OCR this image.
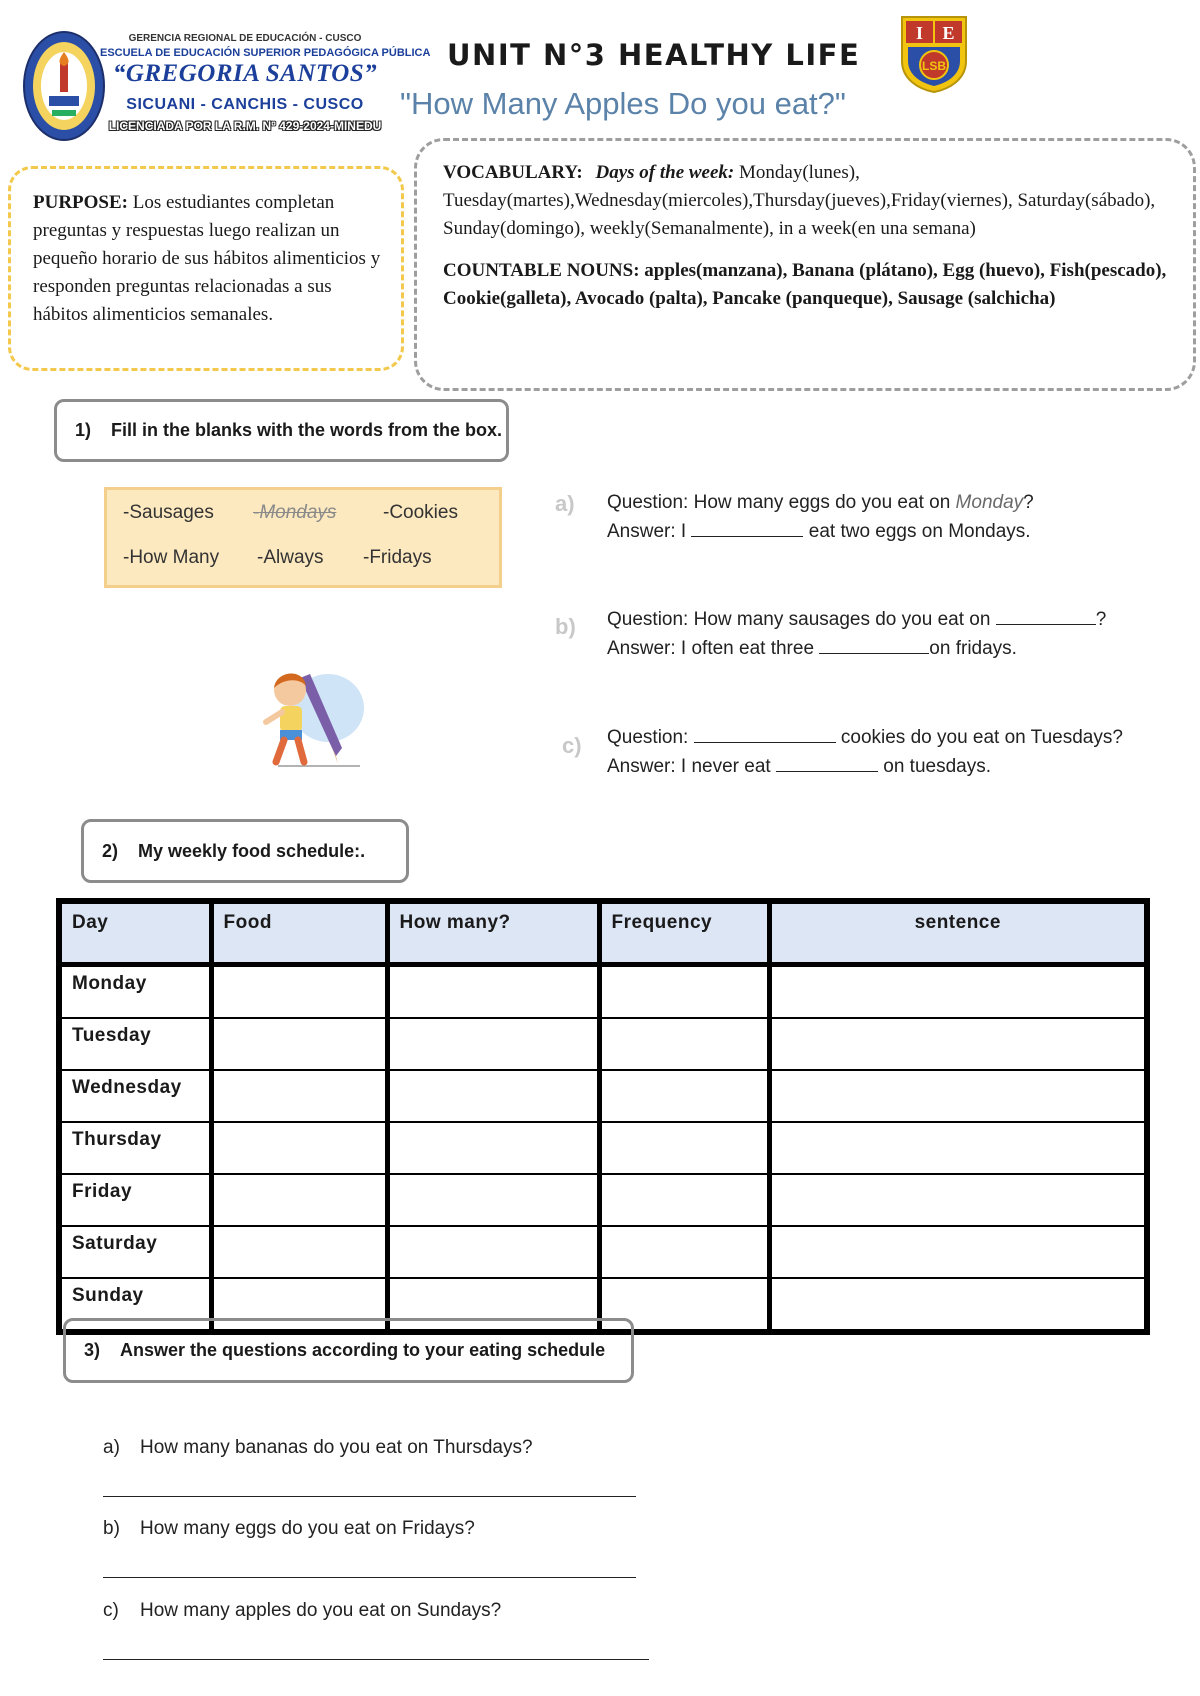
GERENCIA REGIONAL DE EDUCACIÓN - CUSCO
ESCUELA DE EDUCACIÓN SUPERIOR PEDAGÓGICA PÚBLICA
“GREGORIA SANTOS”
SICUANI - CANCHIS - CUSCO
LICENCIADA POR LA R.M. N° 429-2024-MINEDU
UNIT N°3 HEALTHY LIFE
"How Many Apples Do you eat?"
I E
LSB
PURPOSE: Los estudiantes completan preguntas y respuestas luego realizan un pequeño horario de sus hábitos alimenticios y responden preguntas relacionadas a sus hábitos alimenticios semanales.

VOCABULARY: Days of the week: Monday(lunes), Tuesday(martes),Wednesday(miercoles),Thursday(jueves),Friday(viernes), Saturday(sábado), Sunday(domingo), weekly(Semanalmente), in a week(en una semana)

COUNTABLE NOUNS: apples(manzana), Banana (plátano), Egg (huevo), Fish(pescado), Cookie(galleta), Avocado (palta), Pancake (panqueque), Sausage (salchicha)

1) Fill in the blanks with the words from the box.
-Sausages -Mondays -Cookies
-How Many -Always -Fridays
a) Question: How many eggs do you eat on Monday?
Answer: I	eat two eggs on Mondays.
b) Question: How many sausages do you eat on	?
Answer: I often eat three	on fridays.
c) Question:	cookies do you eat on Tuesdays?
Answer: I never eat	on tuesdays.
2) My weekly food schedule:.
Day	Food	How many?	Frequency	sentence
Monday				
Tuesday				
Wednesday				
Thursday				
Friday				
Saturday				
Sunday				
3) Answer the questions according to your eating schedule
a) How many bananas do you eat on Thursdays?
b) How many eggs do you eat on Fridays?
c) How many apples do you eat on Sundays?
